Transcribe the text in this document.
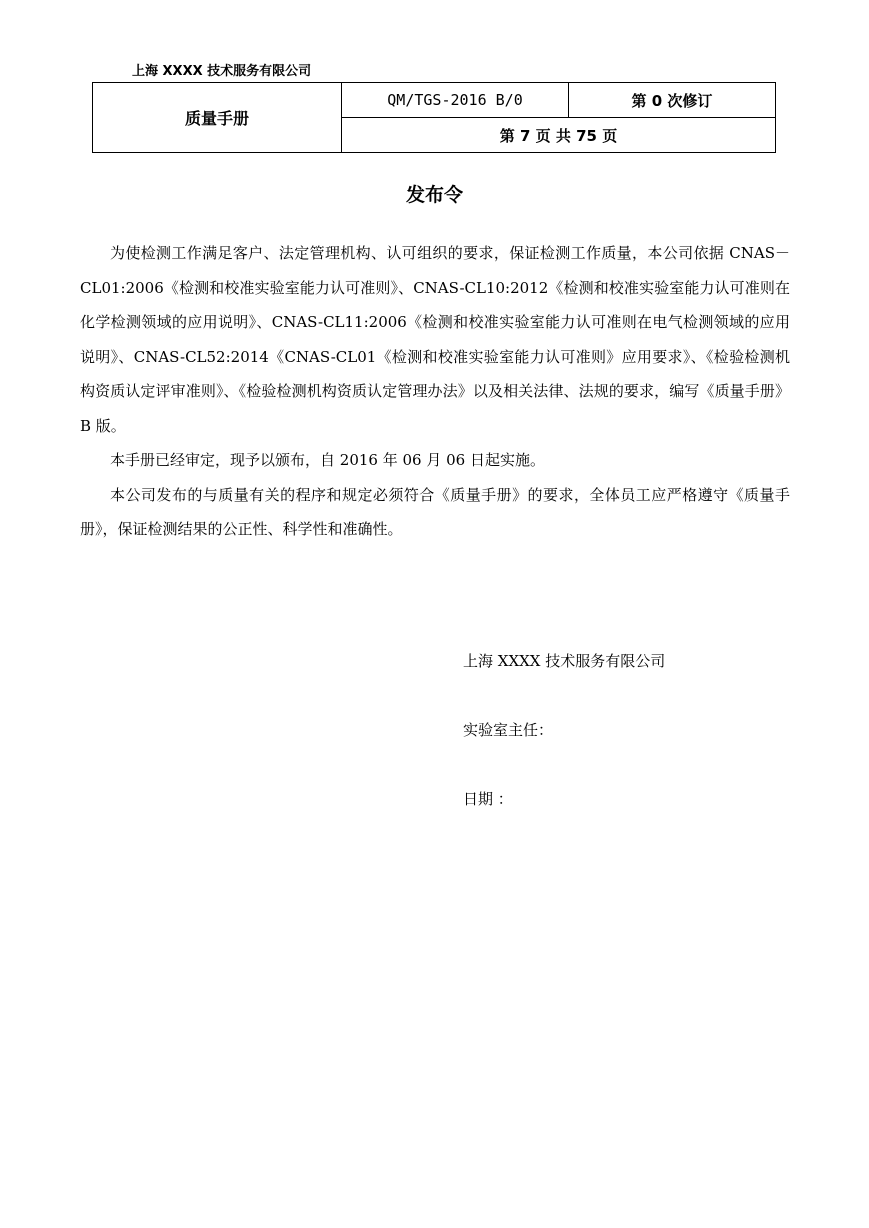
上海 XXXX 技术服务有限公司
质量手册	QM/TGS-2016 B/0	第 0 次修订
第 7 页 共 75 页
发布令

为使检测工作满足客户、法定管理机构、认可组织的要求，保证检测工作质量，本公司依据 CNAS－CL01:2006《检测和校准实验室能力认可准则》、CNAS-CL10:2012《检测和校准实验室能力认可准则在化学检测领域的应用说明》、CNAS-CL11:2006《检测和校准实验室能力认可准则在电气检测领域的应用说明》、CNAS-CL52:2014《CNAS-CL01《检测和校准实验室能力认可准则》应用要求》、《检验检测机构资质认定评审准则》、《检验检测机构资质认定管理办法》以及相关法律、法规的要求，编写《质量手册》B 版。

本手册已经审定，现予以颁布，自 2016 年 06 月 06 日起实施。

本公司发布的与质量有关的程序和规定必须符合《质量手册》的要求，全体员工应严格遵守《质量手册》，保证检测结果的公正性、科学性和准确性。

上海 XXXX 技术服务有限公司
实验室主任：
日期 ：
